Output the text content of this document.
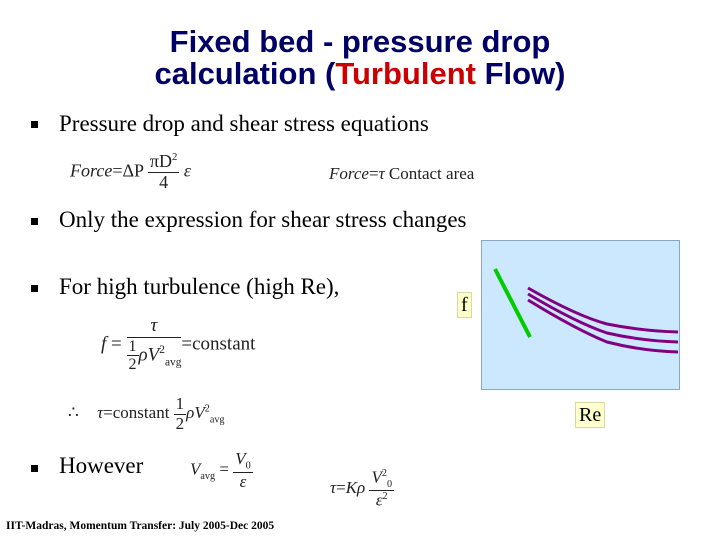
Fixed bed - pressure drop
calculation (Turbulent Flow)
Pressure drop and shear stress equations
Force=ΔP $\frac{\pi D^2}{4}$ ε	Force=τ Contact area
Only the expression for shear stress changes
For high turbulence (high Re),
$f = \frac{\tau}{\frac{1}{2} \rho V^2_{avg}}$ =constant
∴ τ=constant $\frac{1}{2} \rho V^2_{avg}$
f
Re
However	$V_{avg} = \frac{V_0}{\varepsilon}$	$\tau=K\rho \frac{V^2_0}{\varepsilon^2}$
IIT-Madras, Momentum Transfer: July 2005-Dec 2005
